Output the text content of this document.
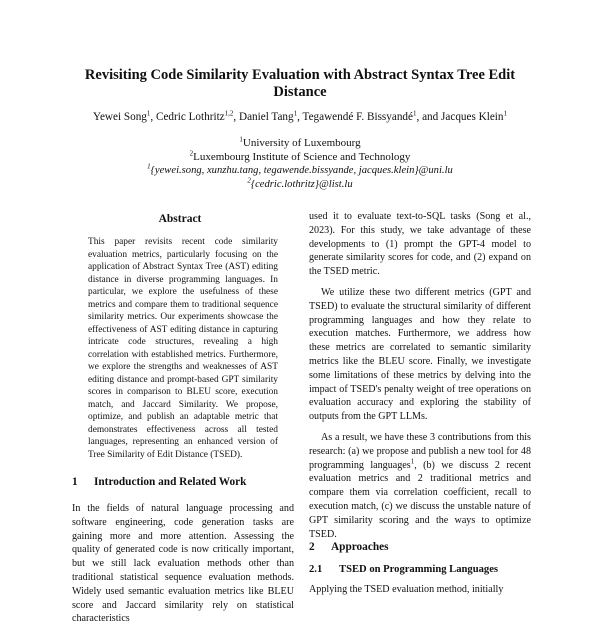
Revisiting Code Similarity Evaluation with Abstract Syntax Tree Edit Distance
Yewei Song$^1$, Cedric Lothritz$^{1,2}$, Daniel Tang$^1$, Tegawendé F. Bissyandé$^1$, and Jacques Klein$^1$
$^1$University of Luxembourg
$^2$Luxembourg Institute of Science and Technology
$^1${yewei.song, xunzhu.tang, tegawende.bissyande, jacques.klein}@uni.lu
$^2${cedric.lothritz}@list.lu
Abstract
This paper revisits recent code similarity evaluation metrics, particularly focusing on the application of Abstract Syntax Tree (AST) editing distance in diverse programming languages. In particular, we explore the usefulness of these metrics and compare them to traditional sequence similarity metrics. Our experiments showcase the effectiveness of AST editing distance in capturing intricate code structures, revealing a high correlation with established metrics. Furthermore, we explore the strengths and weaknesses of AST editing distance and prompt-based GPT similarity scores in comparison to BLEU score, execution match, and Jaccard Similarity. We propose, optimize, and publish an adaptable metric that demonstrates effectiveness across all tested languages, representing an enhanced version of Tree Similarity of Edit Distance (TSED).
1 Introduction and Related Work
In the fields of natural language processing and software engineering, code generation tasks are gaining more and more attention. Assessing the quality of generated code is now critically important, but we still lack evaluation methods other than traditional statistical sequence evaluation methods. Widely used semantic evaluation metrics like BLEU score and Jaccard similarity rely on statistical characteristics

used it to evaluate text-to-SQL tasks (Song et al., 2023). For this study, we take advantage of these developments to (1) prompt the GPT-4 model to generate similarity scores for code, and (2) expand on the TSED metric.

We utilize these two different metrics (GPT and TSED) to evaluate the structural similarity of different programming languages and how they relate to execution matches. Furthermore, we address how these metrics are correlated to semantic similarity metrics like the BLEU score. Finally, we investigate some limitations of these metrics by delving into the impact of TSED's penalty weight of tree operations on evaluation accuracy and exploring the stability of outputs from the GPT LLMs.

As a result, we have these 3 contributions from this research: (a) we propose and publish a new tool for 48 programming languages$^1$, (b) we discuss 2 recent evaluation metrics and 2 traditional metrics and compare them via correlation coefficient, recall to execution match, (c) we discuss the unstable nature of GPT similarity scoring and the ways to optimize TSED.

2 Approaches
2.1 TSED on Programming Languages
Applying the TSED evaluation method, initially
